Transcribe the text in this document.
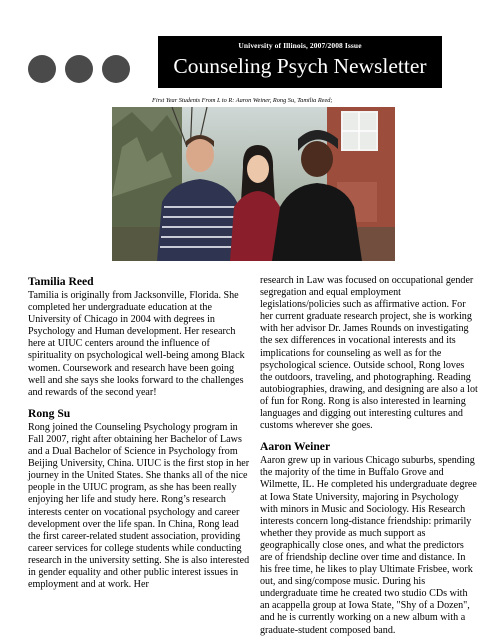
University of Illinois, 2007/2008 Issue
Counseling Psych Newsletter
First Year Students From L to R: Aaron Weiner, Rong Su, Tamilia Reed;
Tamilia Reed

Tamilia is originally from Jacksonville, Florida. She completed her undergraduate education at the University of Chicago in 2004 with degrees in Psychology and Human development. Her research here at UIUC centers around the influence of spirituality on psychological well-being among Black women. Coursework and research have been going well and she says she looks forward to the challenges and rewards of the second year!

Rong Su

Rong joined the Counseling Psychology program in Fall 2007, right after obtaining her Bachelor of Laws and a Dual Bachelor of Science in Psychology from Beijing University, China. UIUC is the first stop in her journey in the United States. She thanks all of the nice people in the UIUC program, as she has been really enjoying her life and study here. Rong’s research interests center on vocational psychology and career development over the life span. In China, Rong lead the first career-related student association, providing career services for college students while conducting research in the university setting. She is also interested in gender equality and other public interest issues in employment and at work. Her

research in Law was focused on occupational gender segregation and equal employment legislations/policies such as affirmative action. For her current graduate research project, she is working with her advisor Dr. James Rounds on investigating the sex differences in vocational interests and its implications for counseling as well as for the psychological science. Outside school, Rong loves the outdoors, traveling, and photographing. Reading autobiographies, drawing, and designing are also a lot of fun for Rong. Rong is also interested in learning languages and digging out interesting cultures and customs wherever she goes.

Aaron Weiner

Aaron grew up in various Chicago suburbs, spending the majority of the time in Buffalo Grove and Wilmette, IL. He completed his undergraduate degree at Iowa State University, majoring in Psychology with minors in Music and Sociology. His Research interests concern long-distance friendship: primarily whether they provide as much support as geographically close ones, and what the predictors are of friendship decline over time and distance. In his free time, he likes to play Ultimate Frisbee, work out, and sing/compose music. During his undergraduate time he created two studio CDs with an acappella group at Iowa State, "Shy of a Dozen", and he is currently working on a new album with a graduate-student composed band.
